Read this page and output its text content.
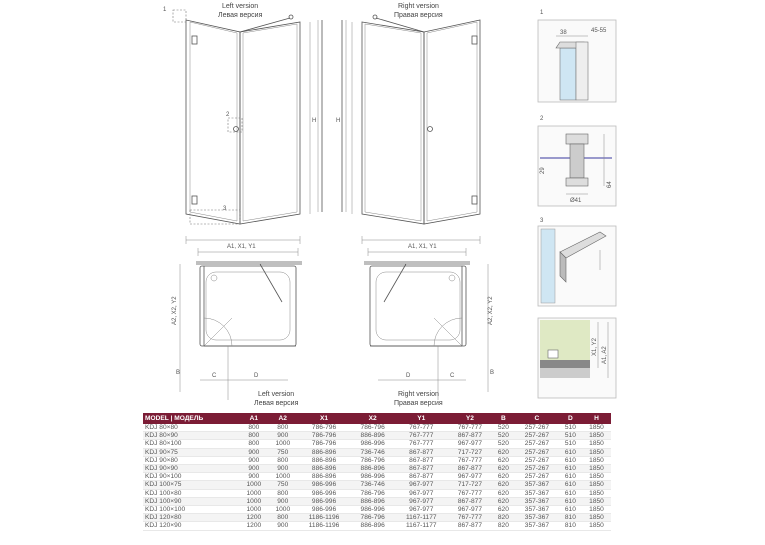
Left version
Левая версия
1
2
3
H
A1, X1, Y1
Right version
Правая версия
H
A1, X1, Y1
A2, X2, Y2
B	C	D
Left version
Левая версия
A2, X2, Y2
B
D	C
Right version
Правая версия
1
38	45-55
2
Ø41
29
64
3
X1, Y2 A1, A2
MODEL | МОДЕЛЬ	A1	A2	X1	X2	Y1	Y2	B	C	D	H
KDJ 80×80	800	800	786-796	786-796	767-777	767-777	520	257-267	510	1850
KDJ 80×90	800	900	786-796	886-896	767-777	867-877	520	257-267	510	1850
KDJ 80×100	800	1000	786-796	986-996	767-777	967-977	520	257-267	510	1850
KDJ 90×75	900	750	886-896	736-746	867-877	717-727	620	257-267	610	1850
KDJ 90×80	900	800	886-896	786-796	867-877	767-777	620	257-267	610	1850
KDJ 90×90	900	900	886-896	886-896	867-877	867-877	620	257-267	610	1850
KDJ 90×100	900	1000	886-896	986-996	867-877	967-977	620	257-267	610	1850
KDJ 100×75	1000	750	986-996	736-746	967-977	717-727	620	357-367	610	1850
KDJ 100×80	1000	800	986-996	786-796	967-977	767-777	620	357-367	610	1850
KDJ 100×90	1000	900	986-996	886-896	967-977	867-877	620	357-367	610	1850
KDJ 100×100	1000	1000	986-996	986-996	967-977	967-977	620	357-367	610	1850
KDJ 120×80	1200	800	1186-1196	786-796	1167-1177	767-777	820	357-367	810	1850
KDJ 120×90	1200	900	1186-1196	886-896	1167-1177	867-877	820	357-367	810	1850
